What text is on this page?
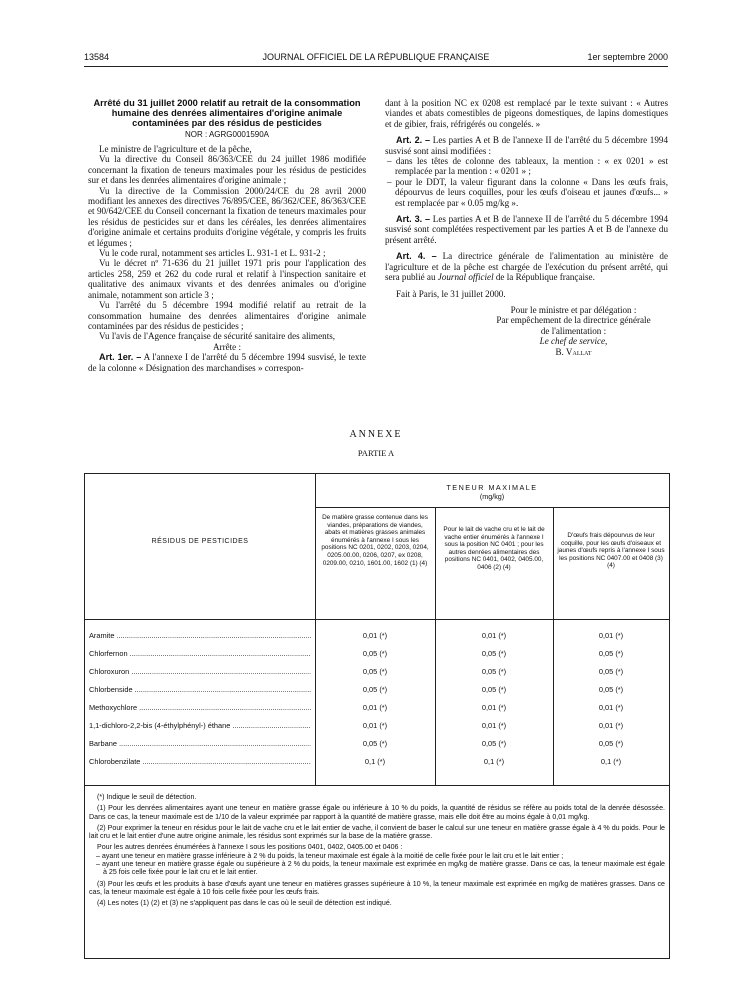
13584	JOURNAL OFFICIEL DE LA RÉPUBLIQUE FRANÇAISE	1er septembre 2000
Arrêté du 31 juillet 2000 relatif au retrait de la consommation humaine des denrées alimentaires d'origine animale contaminées par des résidus de pesticides
NOR : AGRG0001590A

Le ministre de l'agriculture et de la pêche,

Vu la directive du Conseil 86/363/CEE du 24 juillet 1986 modifiée concernant la fixation de teneurs maximales pour les résidus de pesticides sur et dans les denrées alimentaires d'origine animale ;

Vu la directive de la Commission 2000/24/CE du 28 avril 2000 modifiant les annexes des directives 76/895/CEE, 86/362/CEE, 86/363/CEE et 90/642/CEE du Conseil concernant la fixation de teneurs maximales pour les résidus de pesticides sur et dans les céréales, les denrées alimentaires d'origine animale et certains produits d'origine végétale, y compris les fruits et légumes ;

Vu le code rural, notamment ses articles L. 931-1 et L. 931-2 ;

Vu le décret nº 71-636 du 21 juillet 1971 pris pour l'application des articles 258, 259 et 262 du code rural et relatif à l'inspection sanitaire et qualitative des animaux vivants et des denrées animales ou d'origine animale, notamment son article 3 ;

Vu l'arrêté du 5 décembre 1994 modifié relatif au retrait de la consommation humaine des denrées alimentaires d'origine animale contaminées par des résidus de pesticides ;

Vu l'avis de l'Agence française de sécurité sanitaire des aliments,

Arrête :

Art. 1er. – A l'annexe I de l'arrêté du 5 décembre 1994 susvisé, le texte de la colonne « Désignation des marchandises » correspon-

dant à la position NC ex 0208 est remplacé par le texte suivant : « Autres viandes et abats comestibles de pigeons domestiques, de lapins domestiques et de gibier, frais, réfrigérés ou congelés. »

Art. 2. – Les parties A et B de l'annexe II de l'arrêté du 5 décembre 1994 susvisé sont ainsi modifiées :

– dans les têtes de colonne des tableaux, la mention : « ex 0201 » est remplacée par la mention : « 0201 » ;

– pour le DDT, la valeur figurant dans la colonne « Dans les œufs frais, dépourvus de leurs coquilles, pour les œufs d'oiseau et jaunes d'œufs... » est remplacée par « 0.05 mg/kg ».

Art. 3. – Les parties A et B de l'annexe II de l'arrêté du 5 décembre 1994 susvisé sont complétées respectivement par les parties A et B de l'annexe du présent arrêté.

Art. 4. – La directrice générale de l'alimentation au ministère de l'agriculture et de la pêche est chargée de l'exécution du présent arrêté, qui sera publié au Journal officiel de la République française.

Fait à Paris, le 31 juillet 2000.

Pour le ministre et par délégation :
Par empêchement de la directrice générale
de l'alimentation :
Le chef de service,
B. Vallat
ANNEXE
PARTIE A
RÉSIDUS DE PESTICIDES
TENEUR MAXIMALE
(mg/kg)
De matière grasse contenue dans les viandes, préparations de viandes, abats et matières grasses animales énumérés à l'annexe I sous les positions NC 0201, 0202, 0203, 0204, 0205.00.00, 0206, 0207, ex 0208, 0209.00, 0210, 1601.00, 1602 (1) (4)
Pour le lait de vache cru et le lait de vache entier énumérés à l'annexe I sous la position NC 0401 ; pour les autres denrées alimentaires des positions NC 0401, 0402, 0405.00, 0406 (2) (4)
D'œufs frais dépourvus de leur coquille, pour les œufs d'oiseaux et jaunes d'œufs repris à l'annexe I sous les positions NC 0407.00 et 0408 (3) (4)
Aramite .....	0,01 (*)	0,01 (*)	0,01 (*)
Chlorfernon .....	0,05 (*)	0,05 (*)	0,05 (*)
Chloroxuron .....	0,05 (*)	0,05 (*)	0,05 (*)
Chlorbenside .....	0,05 (*)	0,05 (*)	0,05 (*)
Methoxychlore .....	0,01 (*)	0,01 (*)	0,01 (*)
1,1-dichloro-2,2-bis (4-éthylphényl-) éthane .....	0,01 (*)	0,01 (*)	0,01 (*)
Barbane .....	0,05 (*)	0,05 (*)	0,05 (*)
Chlorobenzilate .....	0,1 (*)	0,1 (*)	0,1 (*)

(*) Indique le seuil de détection.

(1) Pour les denrées alimentaires ayant une teneur en matière grasse égale ou inférieure à 10 % du poids, la quantité de résidus se réfère au poids total de la denrée désossée. Dans ce cas, la teneur maximale est de 1/10 de la valeur exprimée par rapport à la quantité de matière grasse, mais elle doit être au moins égale à 0,01 mg/kg.

(2) Pour exprimer la teneur en résidus pour le lait de vache cru et le lait entier de vache, il convient de baser le calcul sur une teneur en matière grasse égale à 4 % du poids. Pour le lait cru et le lait entier d'une autre origine animale, les résidus sont exprimés sur la base de la matière grasse.

Pour les autres denrées énumérées à l'annexe I sous les positions 0401, 0402, 0405.00 et 0406 :

– ayant une teneur en matière grasse inférieure à 2 % du poids, la teneur maximale est égale à la moitié de celle fixée pour le lait cru et le lait entier ;

– ayant une teneur en matière grasse égale ou supérieure à 2 % du poids, la teneur maximale est exprimée en mg/kg de matière grasse. Dans ce cas, la teneur maximale est égale à 25 fois celle fixée pour le lait cru et le lait entier.

(3) Pour les œufs et les produits à base d'œufs ayant une teneur en matières grasses supérieure à 10 %, la teneur maximale est exprimée en mg/kg de matières grasses. Dans ce cas, la teneur maximale est égale à 10 fois celle fixée pour les œufs frais.

(4) Les notes (1) (2) et (3) ne s'appliquent pas dans le cas où le seuil de détection est indiqué.
